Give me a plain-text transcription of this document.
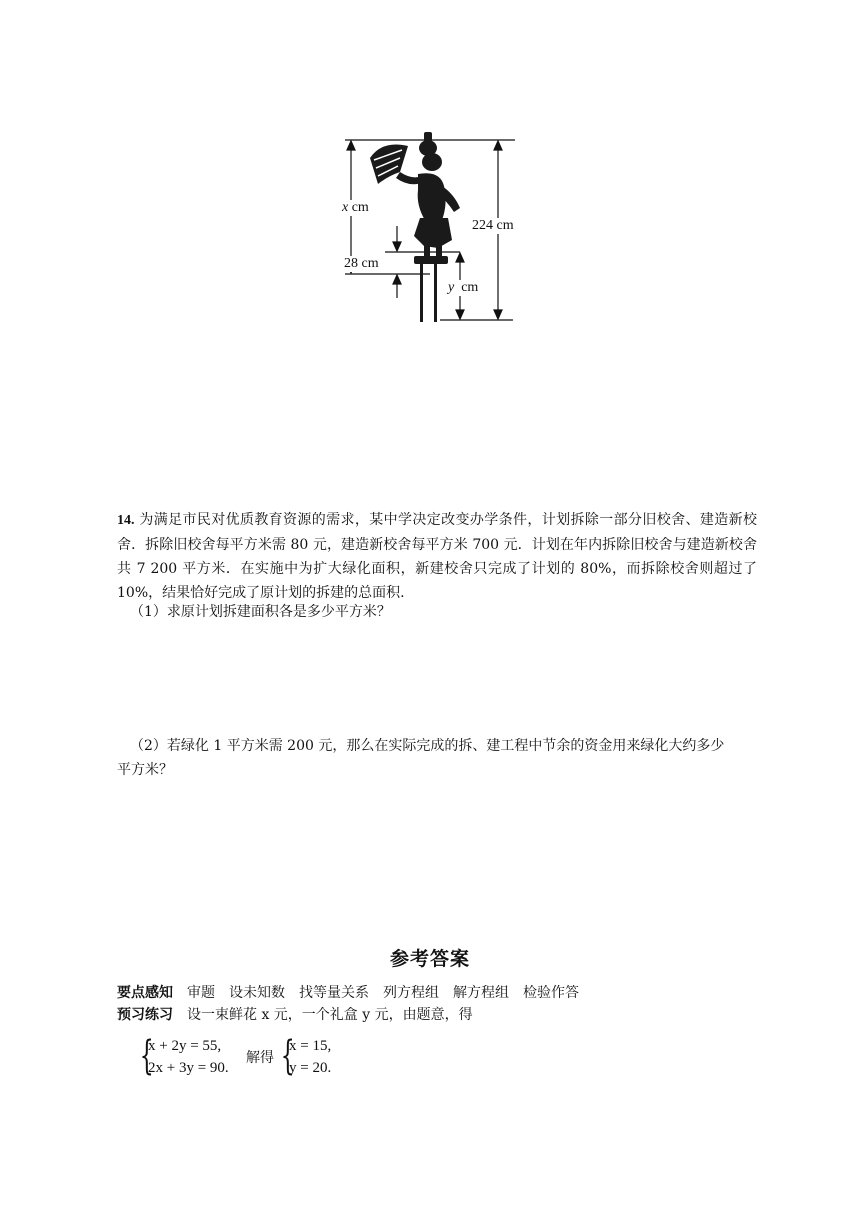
x cm
224 cm
28 cm
y cm
14. 为满足市民对优质教育资源的需求，某中学决定改变办学条件，计划拆除一部分旧校舍、建造新校舍．拆除旧校舍每平方米需 80 元，建造新校舍每平方米 700 元．计划在年内拆除旧校舍与建造新校舍共 7 200 平方米．在实施中为扩大绿化面积，新建校舍只完成了计划的 80%，而拆除校舍则超过了 10%，结果恰好完成了原计划的拆建的总面积.
（1）求原计划拆建面积各是多少平方米？
（2）若绿化 1 平方米需 200 元，那么在实际完成的拆、建工程中节余的资金用来绿化大约多少
平方米？
参考答案
要点感知 审题 设未知数 找等量关系 列方程组 解方程组 检验作答
预习练习 设一束鲜花 x 元，一个礼盒 y 元，由题意，得
{
x + 2y = 55,
2x + 3y = 90.
解得 {
x = 15,
y = 20.
